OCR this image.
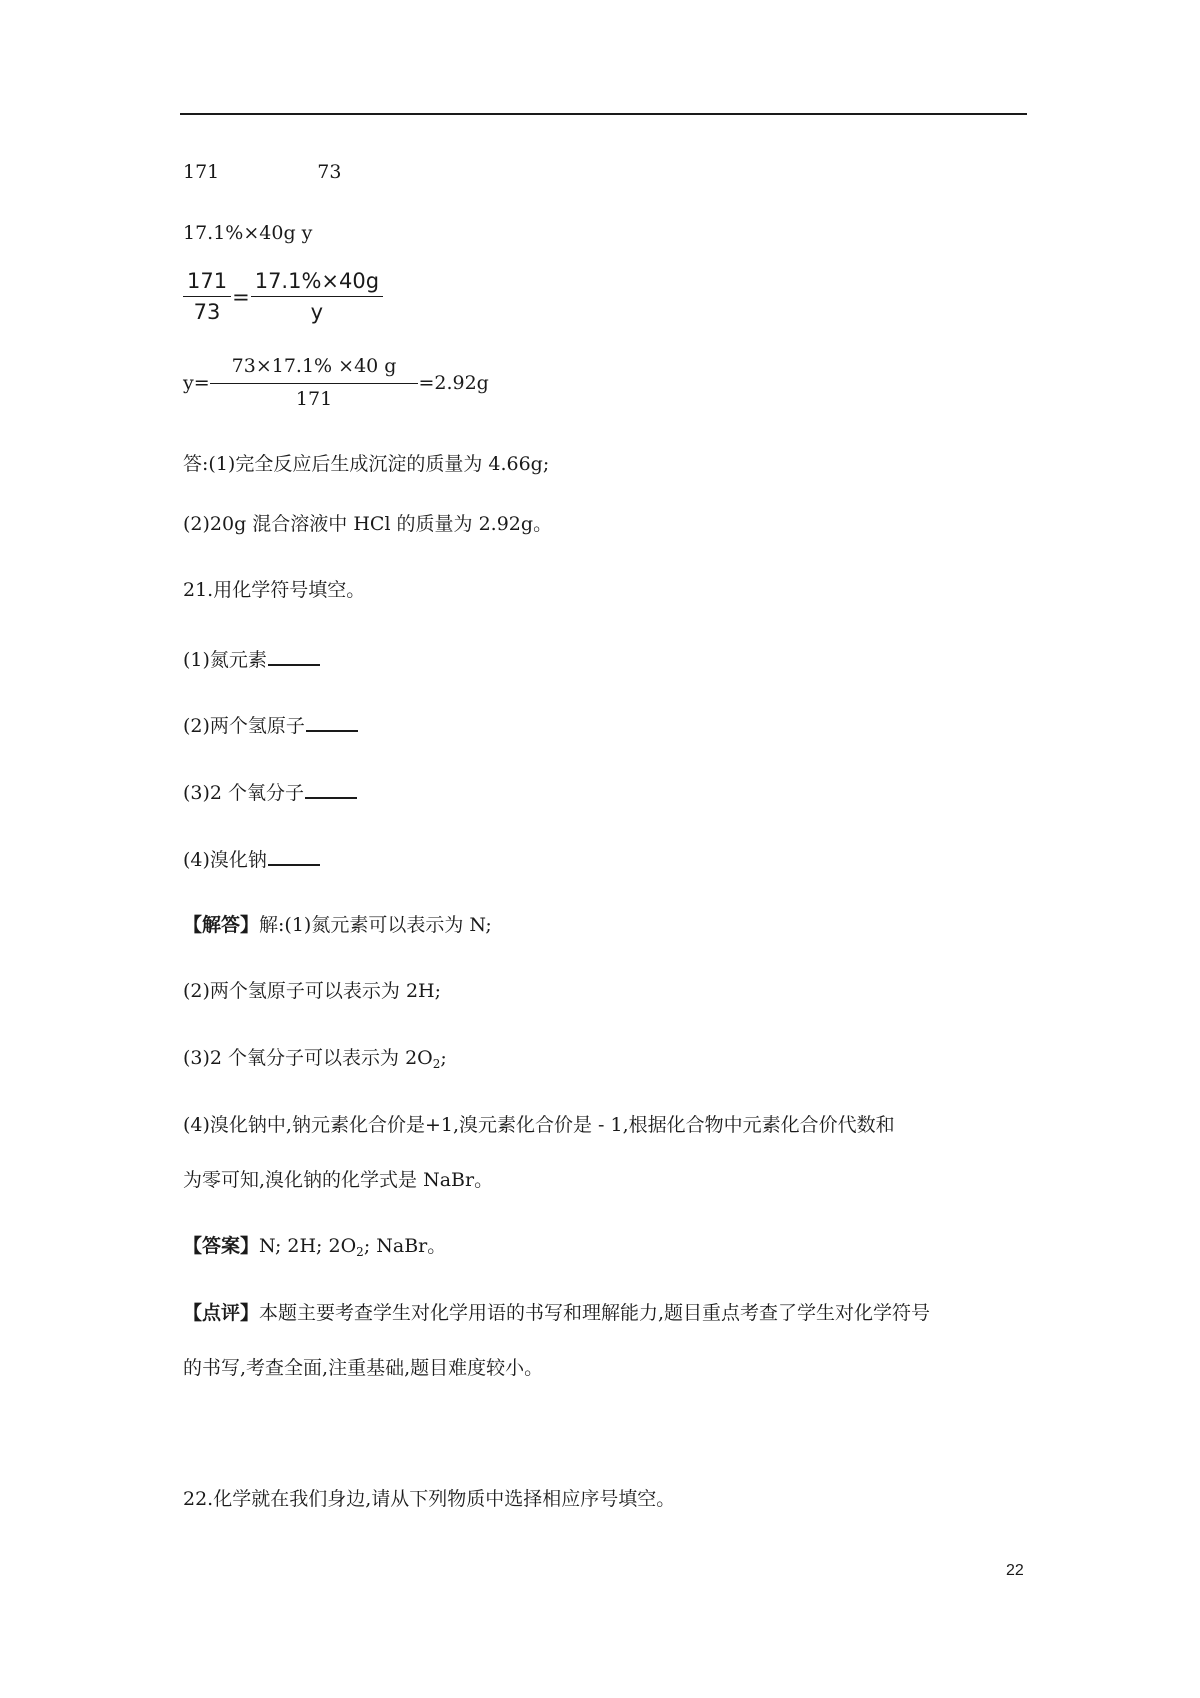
171	73
17.1%×40g y
$\frac{171}{73} = \frac{17.1\%\times 40g}{y}$
$y= \frac{73\times 17.1\% \times 40 g}{171} =2.92g$
答:(1)完全反应后生成沉淀的质量为 4.66g;
(2)20g 混合溶液中 HCl 的质量为 2.92g。
21.用化学符号填空。
(1)氮元素
(2)两个氢原子
(3)2 个氧分子
(4)溴化钠
【解答】解:(1)氮元素可以表示为 N;
(2)两个氢原子可以表示为 2H;
(3)2 个氧分子可以表示为 $2O_2$;
(4)溴化钠中,钠元素化合价是+1,溴元素化合价是 - 1,根据化合物中元素化合价代数和
为零可知,溴化钠的化学式是 NaBr。
【答案】N; 2H; $2O_2$; NaBr。
【点评】本题主要考查学生对化学用语的书写和理解能力,题目重点考查了学生对化学符号
的书写,考查全面,注重基础,题目难度较小。
22.化学就在我们身边,请从下列物质中选择相应序号填空。
22
